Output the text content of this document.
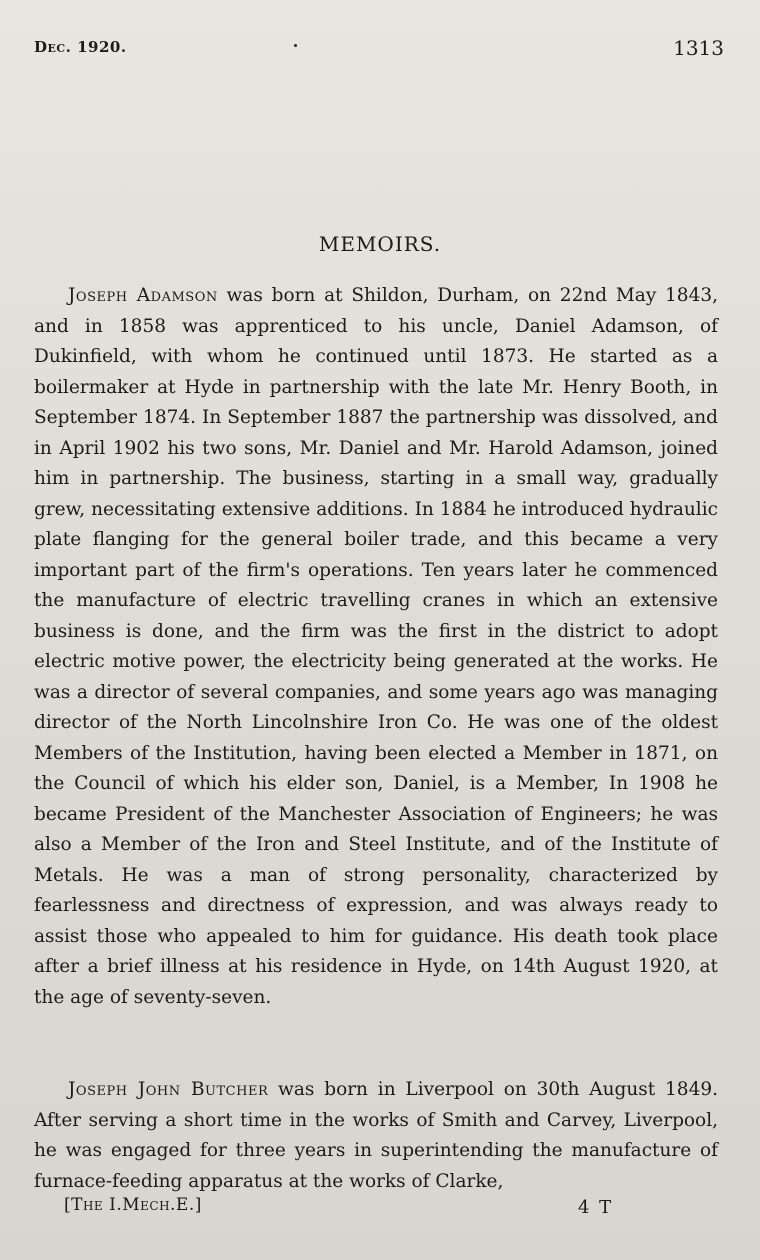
Dec. 1920.	1313
MEMOIRS.

Joseph Adamson was born at Shildon, Durham, on 22nd May 1843, and in 1858 was apprenticed to his uncle, Daniel Adamson, of Dukinfield, with whom he continued until 1873. He started as a boilermaker at Hyde in partnership with the late Mr. Henry Booth, in September 1874. In September 1887 the partnership was dissolved, and in April 1902 his two sons, Mr. Daniel and Mr. Harold Adamson, joined him in partnership. The business, starting in a small way, gradually grew, necessitating extensive additions. In 1884 he introduced hydraulic plate flanging for the general boiler trade, and this became a very important part of the firm's operations. Ten years later he commenced the manufacture of electric travelling cranes in which an extensive business is done, and the firm was the first in the district to adopt electric motive power, the electricity being generated at the works. He was a director of several companies, and some years ago was managing director of the North Lincolnshire Iron Co. He was one of the oldest Members of the Institution, having been elected a Member in 1871, on the Council of which his elder son, Daniel, is a Member, In 1908 he became President of the Manchester Association of Engineers; he was also a Member of the Iron and Steel Institute, and of the Institute of Metals. He was a man of strong personality, characterized by fearlessness and directness of expression, and was always ready to assist those who appealed to him for guidance. His death took place after a brief illness at his residence in Hyde, on 14th August 1920, at the age of seventy-seven.

Joseph John Butcher was born in Liverpool on 30th August 1849. After serving a short time in the works of Smith and Carvey, Liverpool, he was engaged for three years in superintending the manufacture of furnace-feeding apparatus at the works of Clarke,

[The I.Mech.E.]	4 T
